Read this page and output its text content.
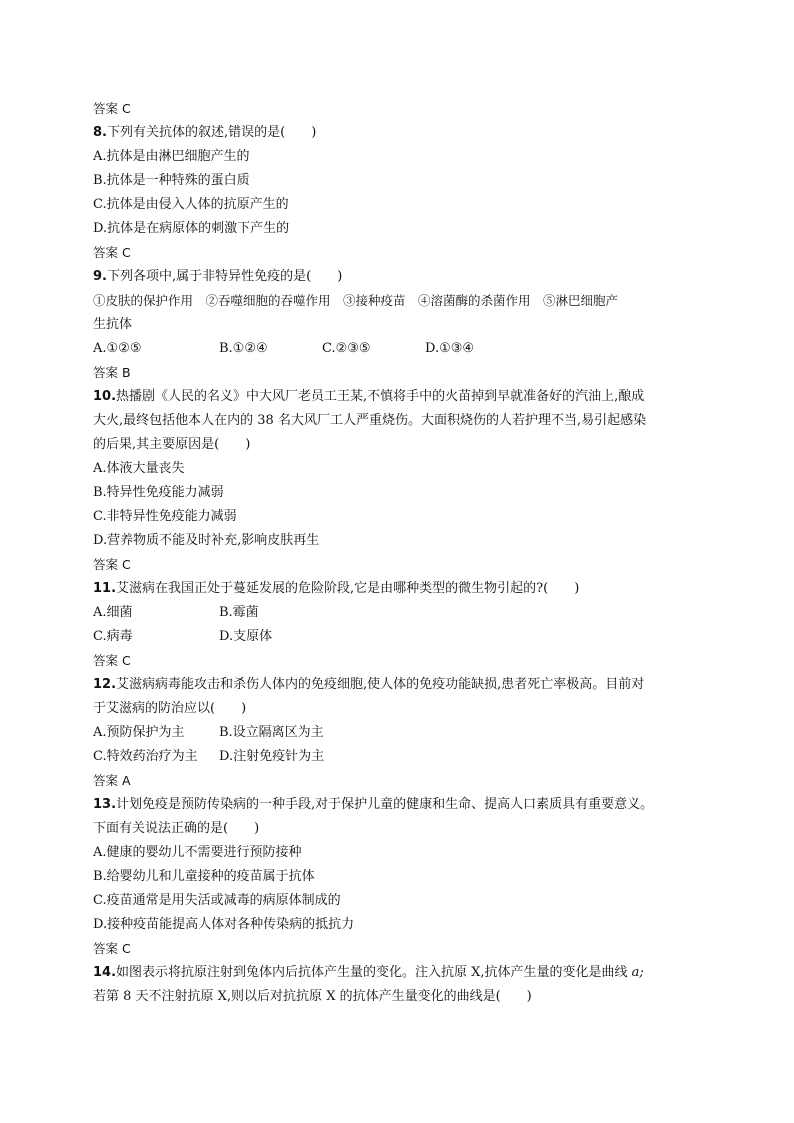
答案 C
8.下列有关抗体的叙述,错误的是(　　)
A.抗体是由淋巴细胞产生的
B.抗体是一种特殊的蛋白质
C.抗体是由侵入人体的抗原产生的
D.抗体是在病原体的刺激下产生的
答案 C
9.下列各项中,属于非特异性免疫的是(　　)
①皮肤的保护作用　②吞噬细胞的吞噬作用　③接种疫苗　④溶菌酶的杀菌作用　⑤淋巴细胞产
生抗体
A.①②⑤	B.①②④	C.②③⑤	D.①③④
答案 B
10.热播剧《人民的名义》中大风厂老员工王某,不慎将手中的火苗掉到早就准备好的汽油上,酿成
大火,最终包括他本人在内的 38 名大风厂工人严重烧伤。大面积烧伤的人若护理不当,易引起感染
的后果,其主要原因是(　　)
A.体液大量丧失
B.特异性免疫能力减弱
C.非特异性免疫能力减弱
D.营养物质不能及时补充,影响皮肤再生
答案 C
11.艾滋病在我国正处于蔓延发展的危险阶段,它是由哪种类型的微生物引起的?(　　)
A.细菌	B.霉菌
C.病毒	D.支原体
答案 C
12.艾滋病病毒能攻击和杀伤人体内的免疫细胞,使人体的免疫功能缺损,患者死亡率极高。目前对
于艾滋病的防治应以(　　)
A.预防保护为主	B.设立隔离区为主
C.特效药治疗为主 D.注射免疫针为主
答案 A
13.计划免疫是预防传染病的一种手段,对于保护儿童的健康和生命、提高人口素质具有重要意义。
下面有关说法正确的是(　　)
A.健康的婴幼儿不需要进行预防接种
B.给婴幼儿和儿童接种的疫苗属于抗体
C.疫苗通常是用失活或减毒的病原体制成的
D.接种疫苗能提高人体对各种传染病的抵抗力
答案 C
14.如图表示将抗原注射到兔体内后抗体产生量的变化。注入抗原 X,抗体产生量的变化是曲线 a;
若第 8 天不注射抗原 X,则以后对抗抗原 X 的抗体产生量变化的曲线是(　　)
